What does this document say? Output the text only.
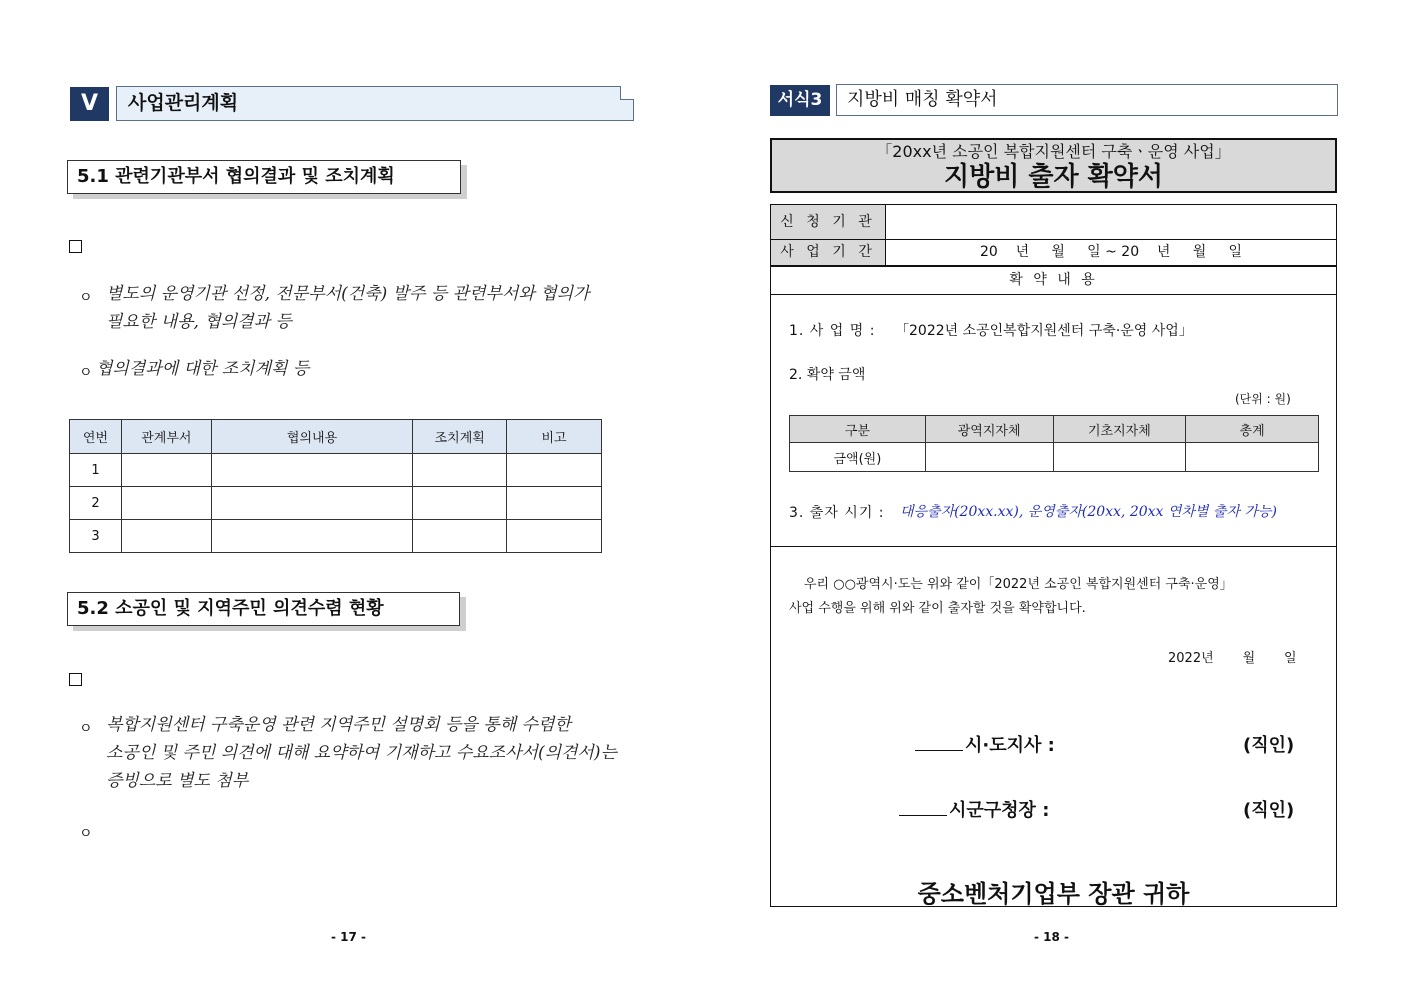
V	사업관리계획
5.1 관련기관부서 협의결과 및 조치계획
ㅇ 별도의 운영기관 선정, 전문부서(건축) 발주 등 관련부서와 협의가
필요한 내용, 협의결과 등
ㅇ 협의결과에 대한 조치계획 등
연번	관계부서	협의내용	조치계획	비고
1				
2				
3				
5.2 소공인 및 지역주민 의견수렴 현황
ㅇ 복합지원센터 구축운영 관련 지역주민 설명회 등을 통해 수렴한
소공인 및 주민 의견에 대해 요약하여 기재하고 수요조사서(의견서)는
증빙으로 별도 첨부
ㅇ
- 17 -
서식3	지방비 매칭 확약서
「20xx년 소공인 복합지원센터 구축ㆍ운영 사업」
지방비 출자 확약서
신 청 기 관
사 업 기 간	20    년     월     일 ~ 20    년     월     일
확 약 내 용
1. 사 업 명 : 「2022년 소공인복합지원센터 구축·운영 사업」
2. 확약 금액
(단위 : 원)
구분	광역지자체	기초지자체	총계
금액(원)			
3. 출자 시기 : 대응출자(20xx.xx), 운영출자(20xx, 20xx 연차별 출자 가능)
우리 ○○광역시·도는 위와 같이「2022년 소공인 복합지원센터 구축·운영」
사업 수행을 위해 위와 같이 출자할 것을 확약합니다.
2022년       월       일
시·도지사 :	(직인)
시군구청장 :	(직인)
중소벤처기업부 장관 귀하
- 18 -
